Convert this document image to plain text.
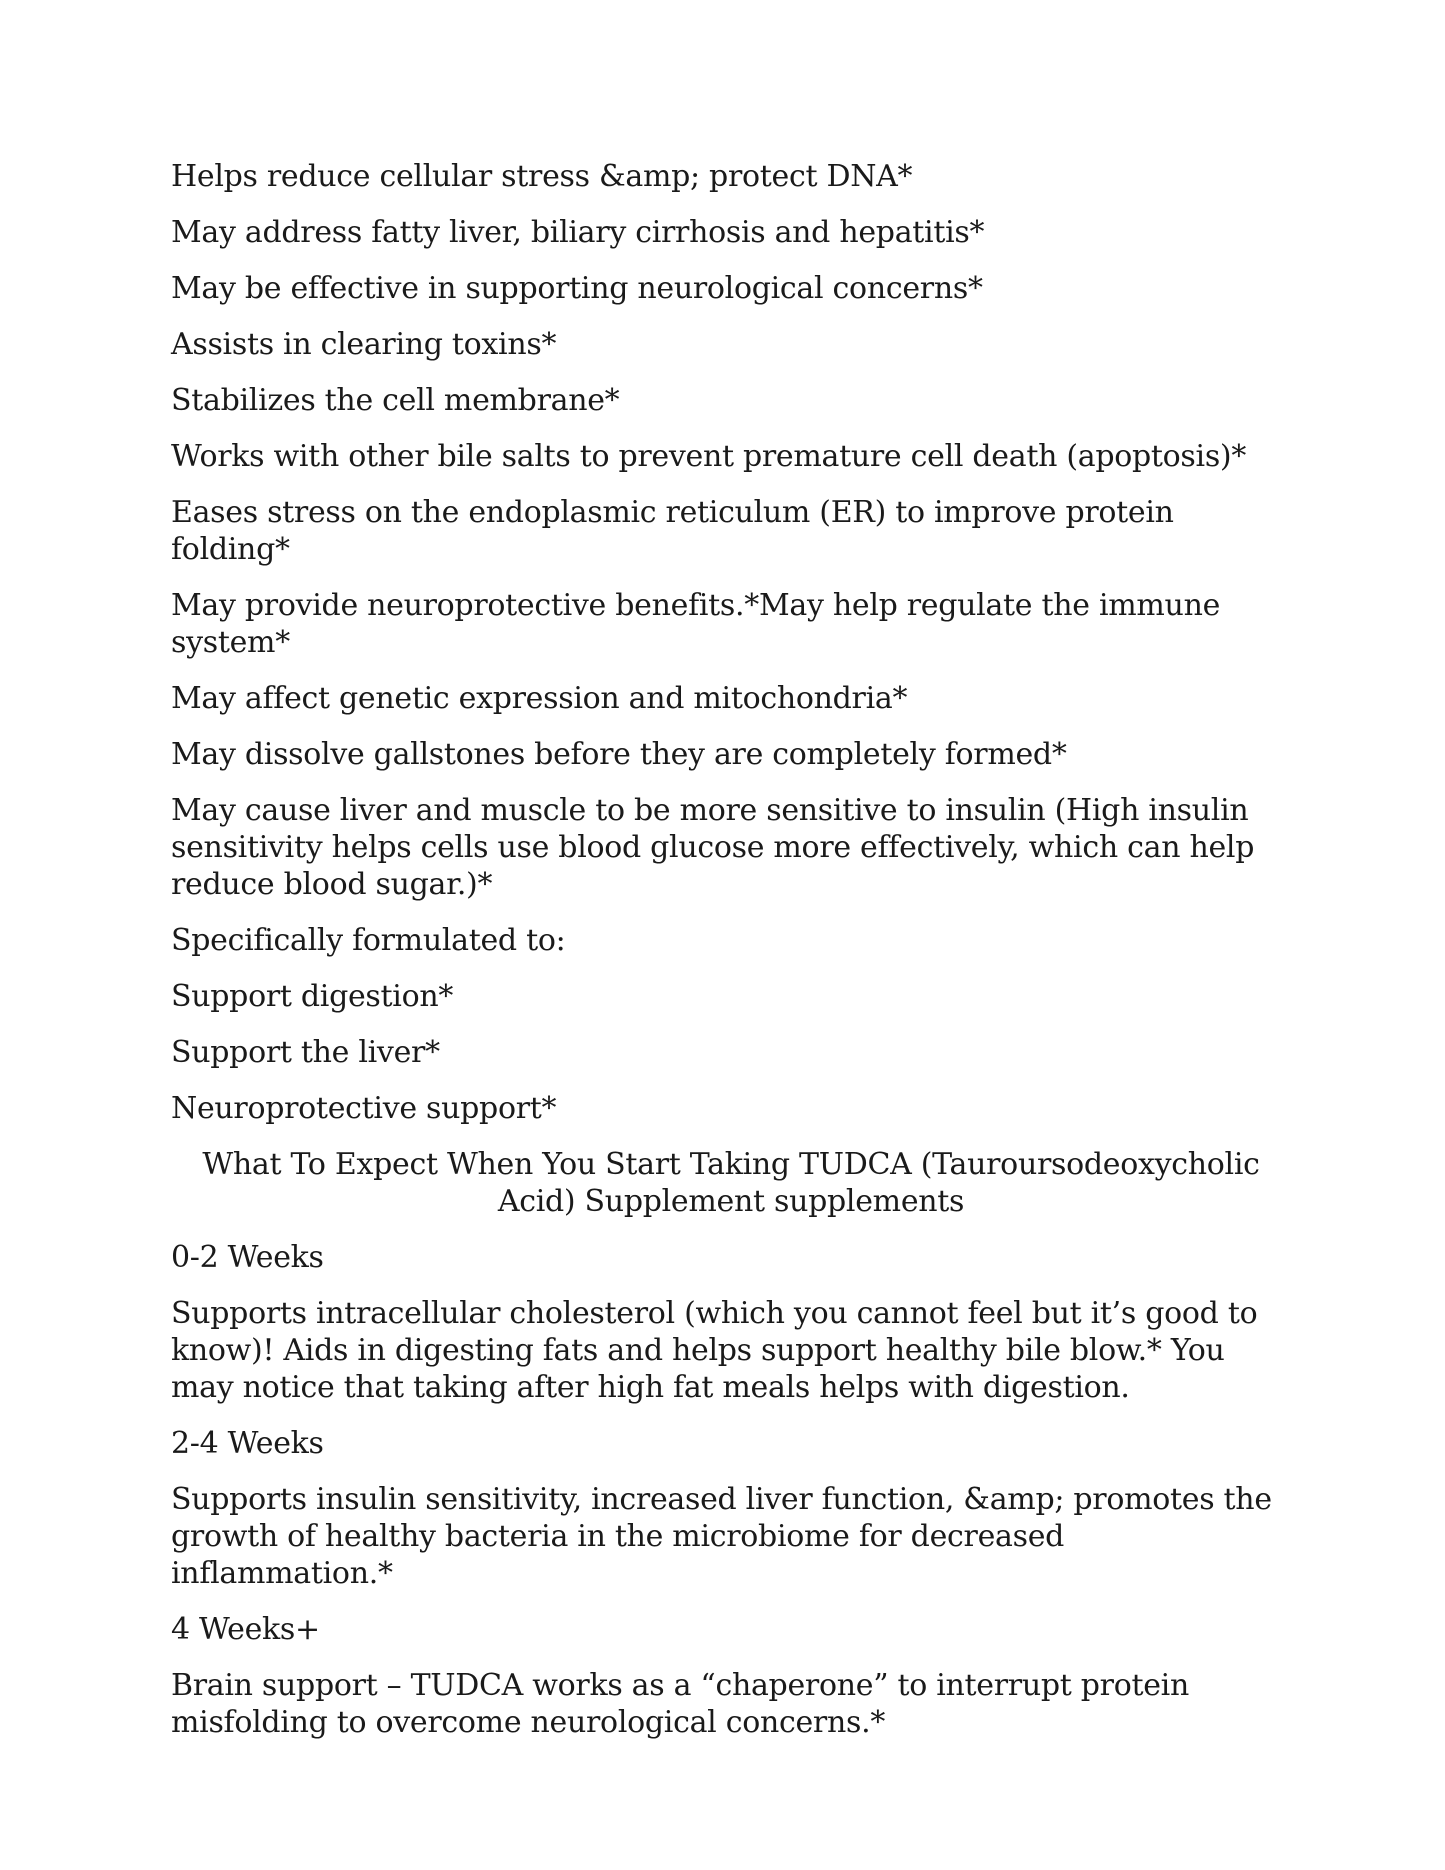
Helps reduce cellular stress &amp; protect DNA*

May address fatty liver, biliary cirrhosis and hepatitis*

May be effective in supporting neurological concerns*

Assists in clearing toxins*

Stabilizes the cell membrane*

Works with other bile salts to prevent premature cell death (apoptosis)*

Eases stress on the endoplasmic reticulum (ER) to improve protein folding*

May provide neuroprotective benefits.*May help regulate the immune system*

May affect genetic expression and mitochondria*

May dissolve gallstones before they are completely formed*

May cause liver and muscle to be more sensitive to insulin (High insulin sensitivity helps cells use blood glucose more effectively, which can help reduce blood sugar.)*

Specifically formulated to:

Support digestion*

Support the liver*

Neuroprotective support*

What To Expect When You Start Taking TUDCA (Tauroursodeoxycholic Acid) Supplement supplements

0-2 Weeks

Supports intracellular cholesterol (which you cannot feel but it’s good to know)! Aids in digesting fats and helps support healthy bile blow.* You may notice that taking after high fat meals helps with digestion.

2-4 Weeks

Supports insulin sensitivity, increased liver function, &amp; promotes the growth of healthy bacteria in the microbiome for decreased inflammation.*

4 Weeks+

Brain support – TUDCA works as a “chaperone” to interrupt protein misfolding to overcome neurological concerns.*
